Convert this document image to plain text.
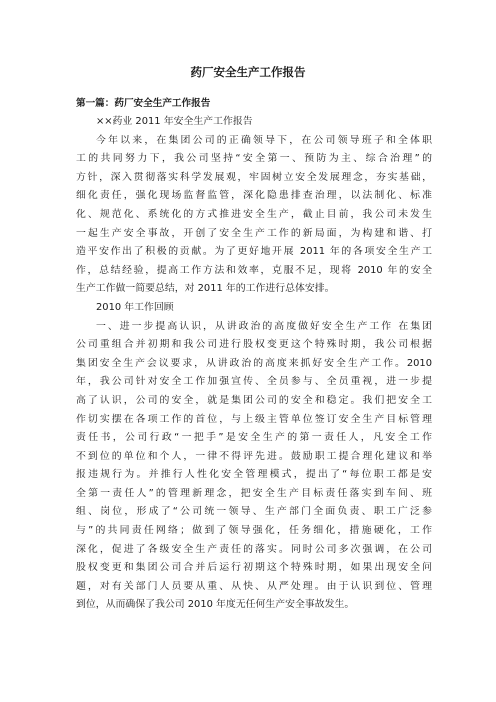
药厂安全生产工作报告
第一篇：药厂安全生产工作报告
××药业 2011 年安全生产工作报告
今年以来，在集团公司的正确领导下，在公司领导班子和全体职
工的共同努力下，我公司坚持“安全第一、预防为主、综合治理”的
方针，深入贯彻落实科学发展观，牢固树立安全发展理念，夯实基础，
细化责任，强化现场监督监管，深化隐患排查治理，以法制化、标准
化、规范化、系统化的方式推进安全生产，截止目前，我公司未发生
一起生产安全事故，开创了安全生产工作的新局面，为构建和谐、打
造平安作出了积极的贡献。为了更好地开展 2011 年的各项安全生产工
作，总结经验，提高工作方法和效率，克服不足，现将 2010 年的安全
生产工作做一简要总结，对 2011 年的工作进行总体安排。
2010 年工作回顾
一、进一步提高认识，从讲政治的高度做好安全生产工作 在集团
公司重组合并初期和我公司进行股权变更这个特殊时期，我公司根据
集团安全生产会议要求，从讲政治的高度来抓好安全生产工作。2010
年，我公司针对安全工作加强宣传、全员参与、全员重视，进一步提
高了认识，公司的安全，就是集团公司的安全和稳定。我们把安全工
作切实摆在各项工作的首位，与上级主管单位签订安全生产目标管理
责任书，公司行政“一把手”是安全生产的第一责任人，凡安全工作
不到位的单位和个人，一律不得评先进。鼓励职工提合理化建议和举
报违规行为。并推行人性化安全管理模式，提出了“每位职工都是安
全第一责任人”的管理新理念，把安全生产目标责任落实到车间、班
组、岗位，形成了“公司统一领导、生产部门全面负责、职工广泛参
与”的共同责任网络；做到了领导强化，任务细化，措施硬化，工作
深化，促进了各级安全生产责任的落实。同时公司多次强调，在公司
股权变更和集团公司合并后运行初期这个特殊时期，如果出现安全问
题，对有关部门人员要从重、从快、从严处理。由于认识到位、管理
到位，从而确保了我公司 2010 年度无任何生产安全事故发生。
